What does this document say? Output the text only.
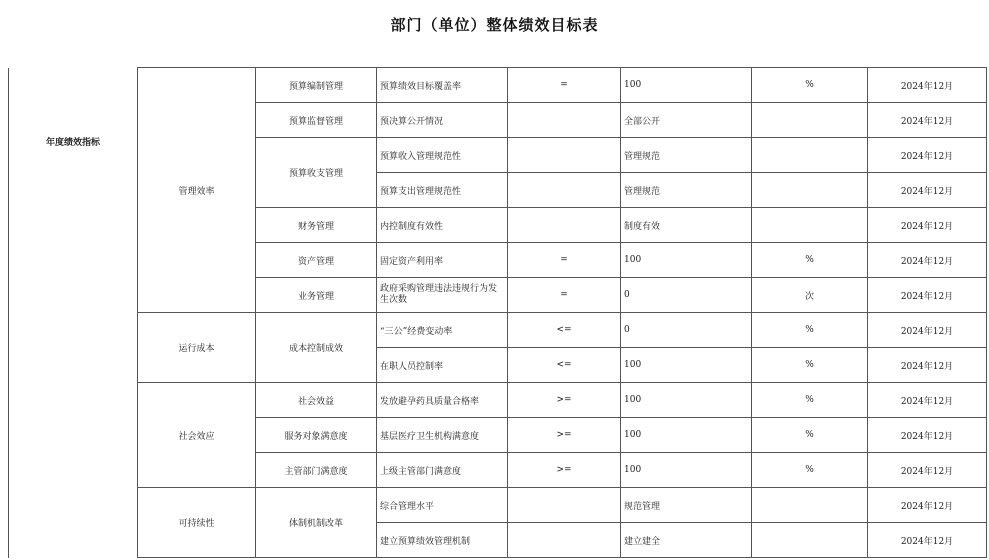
部门（单位）整体绩效目标表
年度绩效指标	管理效率	预算编制管理	预算绩效目标覆盖率	=	100	%	2024年12月
		预算监督管理	预决算公开情况		全部公开		2024年12月
		预算收支管理	预算收入管理规范性		管理规范		2024年12月
			预算支出管理规范性		管理规范		2024年12月
		财务管理	内控制度有效性		制度有效		2024年12月
		资产管理	固定资产利用率	=	100	%	2024年12月
		业务管理	政府采购管理违法违规行为发生次数	=	0	次	2024年12月
	运行成本	成本控制成效	“三公”经费变动率	<=	0	%	2024年12月
			在职人员控制率	<=	100	%	2024年12月
	社会效应	社会效益	发放避孕药具质量合格率	>=	100	%	2024年12月
		服务对象满意度	基层医疗卫生机构满意度	>=	100	%	2024年12月
		主管部门满意度	上级主管部门满意度	>=	100	%	2024年12月
	可持续性	体制机制改革	综合管理水平		规范管理		2024年12月
			建立预算绩效管理机制		建立建全		2024年12月
